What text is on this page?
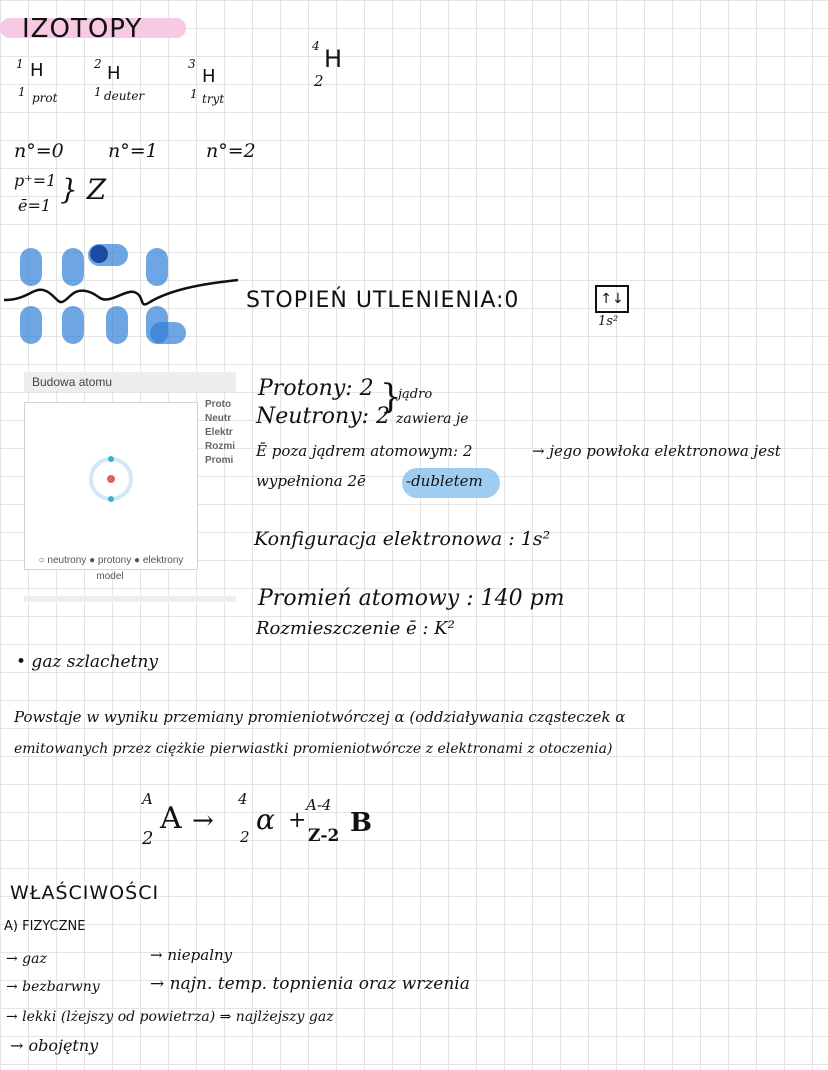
IZOTOPY
1 H
1 prot
2 H
1 deuter
3
H
1 tryt
4 H
2
n°=0 n°=1	n°=2
p⁺=1
ē=1 } Z
STOPIEŃ UTLENIENIA:0	↑↓
1s²
Budowa atomu
○ neutrony ● protony ● elektrony
Proto
Neutr
Elektr
Rozmi
Promi
model
Protony: 2
Neutrony: 2
}
jądro
zawiera je
Ē poza jądrem atomowym: 2	→ jego powłoka elektronowa jest
wypełniona 2ē	-dubletem
Konfiguracja elektronowa : 1s²
Promień atomowy : 140 pm
Rozmieszczenie ē : K²
• gaz szlachetny
Powstaje w wyniku przemiany promieniotwórczej α (oddziaływania cząsteczek α
emitowanych przez ciężkie pierwiastki promieniotwórcze z elektronami z otoczenia)
A
A
2
→
4
α
2
+
A-4
Z-2 B
WŁAŚCIWOŚCI
A) FIZYCZNE
→ gaz
→ bezbarwny
→ lekki (lżejszy od powietrza) ⇒ najlżejszy gaz
→ obojętny
→ niepalny
→ najn. temp. topnienia oraz wrzenia
